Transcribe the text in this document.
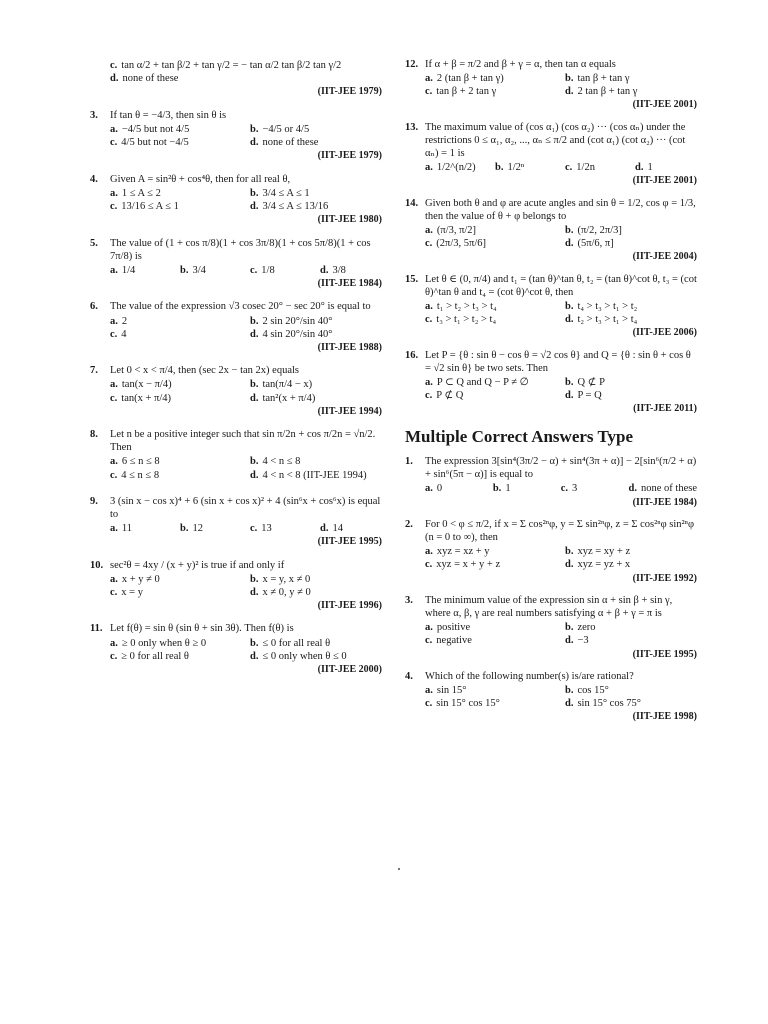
c. tan α/2 + tan β/2 + tan γ/2 = − tan α/2 tan β/2 tan γ/2
d. none of these
(IIT-JEE 1979)
3. If tan θ = −4/3, then sin θ is
a. −4/5 but not 4/5	b. −4/5 or 4/5
c. 4/5 but not −4/5	d. none of these
(IIT-JEE 1979)
4. Given A = sin²θ + cos⁴θ, then for all real θ,
a. 1 ≤ A ≤ 2	b. 3/4 ≤ A ≤ 1
c. 13/16 ≤ A ≤ 1	d. 3/4 ≤ A ≤ 13/16
(IIT-JEE 1980)
5. The value of (1 + cos π/8)(1 + cos 3π/8)(1 + cos 5π/8)(1 + cos 7π/8) is
a. 1/4	b. 3/4	c. 1/8	d. 3/8
(IIT-JEE 1984)
6. The value of the expression √3 cosec 20° − sec 20° is equal to
a. 2	b. 2 sin 20°/sin 40°
c. 4	d. 4 sin 20°/sin 40°
(IIT-JEE 1988)
7. Let 0 < x < π/4, then (sec 2x − tan 2x) equals
a. tan(x − π/4)	b. tan(π/4 − x)
c. tan(x + π/4)	d. tan²(x + π/4)
(IIT-JEE 1994)
8. Let n be a positive integer such that sin π/2n + cos π/2n = √n/2. Then
a. 6 ≤ n ≤ 8	b. 4 < n ≤ 8
c. 4 ≤ n ≤ 8	d. 4 < n < 8 (IIT-JEE 1994)
9. 3 (sin x − cos x)⁴ + 6 (sin x + cos x)² + 4 (sin⁶x + cos⁶x) is equal to
a. 11	b. 12	c. 13	d. 14
(IIT-JEE 1995)
10. sec²θ = 4xy / (x + y)² is true if and only if
a. x + y ≠ 0	b. x = y, x ≠ 0
c. x = y	d. x ≠ 0, y ≠ 0
(IIT-JEE 1996)
11. Let f(θ) = sin θ (sin θ + sin 3θ). Then f(θ) is
a. ≥ 0 only when θ ≥ 0	b. ≤ 0 for all real θ
c. ≥ 0 for all real θ	d. ≤ 0 only when θ ≤ 0
(IIT-JEE 2000)
12. If α + β = π/2 and β + γ = α, then tan α equals
a. 2 (tan β + tan γ)	b. tan β + tan γ
c. tan β + 2 tan γ	d. 2 tan β + tan γ
(IIT-JEE 2001)
13. The maximum value of (cos α₁) (cos α₂) ··· (cos αₙ) under the restrictions 0 ≤ α₁, α₂, ..., αₙ ≤ π/2 and (cot α₁) (cot α₂) ··· (cot αₙ) = 1 is
a. 1/2^(n/2)	b. 1/2ⁿ	c. 1/2n	d. 1
(IIT-JEE 2001)
14. Given both θ and φ are acute angles and sin θ = 1/2, cos φ = 1/3, then the value of θ + φ belongs to
a. (π/3, π/2]	b. (π/2, 2π/3]
c. (2π/3, 5π/6]	d. (5π/6, π]
(IIT-JEE 2004)
15. Let θ ∈ (0, π/4) and t₁ = (tan θ)^tan θ, t₂ = (tan θ)^cot θ, t₃ = (cot θ)^tan θ and t₄ = (cot θ)^cot θ, then
a. t₁ > t₂ > t₃ > t₄	b. t₄ > t₃ > t₁ > t₂
c. t₃ > t₁ > t₂ > t₄	d. t₂ > t₃ > t₁ > t₄
(IIT-JEE 2006)
16. Let P = {θ : sin θ − cos θ = √2 cos θ} and Q = {θ : sin θ + cos θ = √2 sin θ} be two sets. Then
a. P ⊂ Q and Q − P ≠ ∅	b. Q ⊄ P
c. P ⊄ Q	d. P = Q
(IIT-JEE 2011)
Multiple Correct Answers Type
1. The expression 3[sin⁴(3π/2 − α) + sin⁴(3π + α)] − 2[sin⁶(π/2 + α) + sin⁶(5π − α)] is equal to
a. 0	b. 1	c. 3	d. none of these
(IIT-JEE 1984)
2. For 0 < φ ≤ π/2, if x = Σ cos²ⁿφ, y = Σ sin²ⁿφ, z = Σ cos²ⁿφ sin²ⁿφ (n = 0 to ∞), then
a. xyz = xz + y	b. xyz = xy + z
c. xyz = x + y + z	d. xyz = yz + x
(IIT-JEE 1992)
3. The minimum value of the expression sin α + sin β + sin γ, where α, β, γ are real numbers satisfying α + β + γ = π is
a. positive	b. zero
c. negative	d. −3
(IIT-JEE 1995)
4. Which of the following number(s) is/are rational?
a. sin 15°	b. cos 15°
c. sin 15° cos 15°	d. sin 15° cos 75°
(IIT-JEE 1998)
